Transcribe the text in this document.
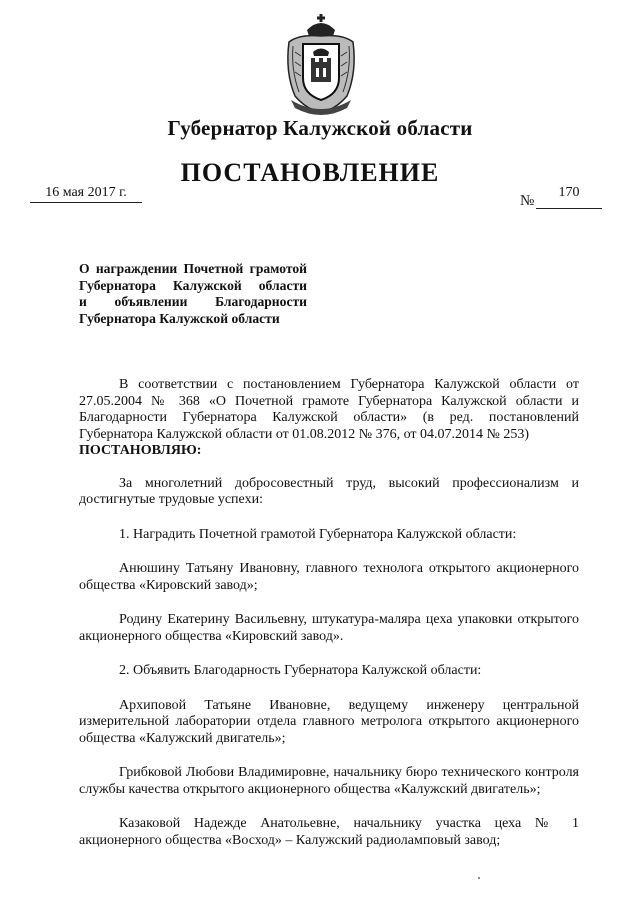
Губернатор Калужской области
ПОСТАНОВЛЕНИЕ
16 мая 2017 г.
№
170
О награждении Почетной грамотой
Губернатора Калужской области
и объявлении Благодарности
Губернатора Калужской области

В соответствии с постановлением Губернатора Калужской области от 27.05.2004 № 368 «О Почетной грамоте Губернатора Калужской области и Благодарности Губернатора Калужской области» (в ред. постановлений Губернатора Калужской области от 01.08.2012 № 376, от 04.07.2014 № 253)

ПОСТАНОВЛЯЮ:

За многолетний добросовестный труд, высокий профессионализм и достигнутые трудовые успехи:

1. Наградить Почетной грамотой Губернатора Калужской области:

Анюшину Татьяну Ивановну, главного технолога открытого акционерного общества «Кировский завод»;

Родину Екатерину Васильевну, штукатура-маляра цеха упаковки открытого акционерного общества «Кировский завод».

2. Объявить Благодарность Губернатора Калужской области:

Архиповой Татьяне Ивановне, ведущему инженеру центральной измерительной лаборатории отдела главного метролога открытого акционерного общества «Калужский двигатель»;

Грибковой Любови Владимировне, начальнику бюро технического контроля службы качества открытого акционерного общества «Калужский двигатель»;

Казаковой Надежде Анатольевне, начальнику участка цеха № 1 акционерного общества «Восход» – Калужский радиоламповый завод;
